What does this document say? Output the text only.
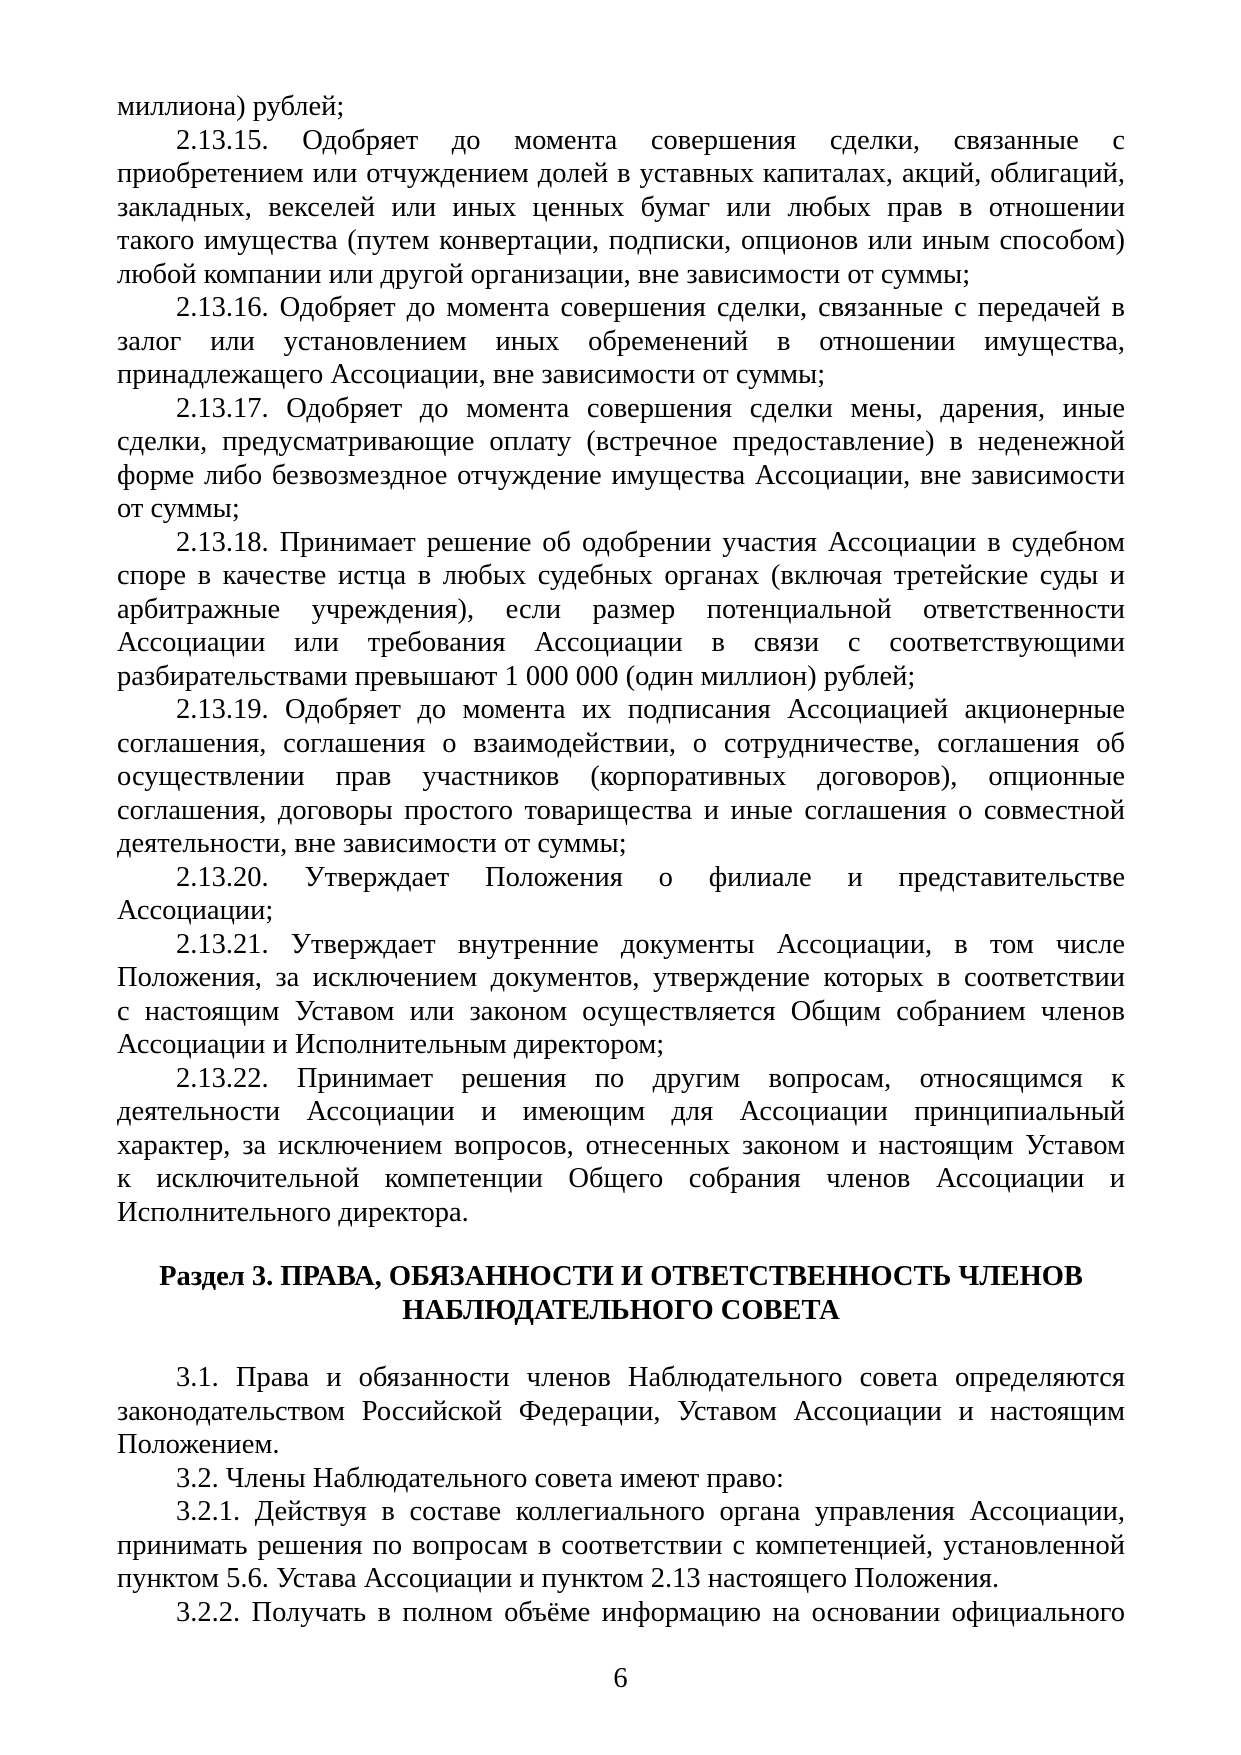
миллиона) рублей;
2.13.15. Одобряет до момента совершения сделки, связанные с
приобретением или отчуждением долей в уставных капиталах, акций, облигаций,
закладных, векселей или иных ценных бумаг или любых прав в отношении
такого имущества (путем конвертации, подписки, опционов или иным способом)
любой компании или другой организации, вне зависимости от суммы;
2.13.16. Одобряет до момента совершения сделки, связанные с передачей в
залог или установлением иных обременений в отношении имущества,
принадлежащего Ассоциации, вне зависимости от суммы;
2.13.17. Одобряет до момента совершения сделки мены, дарения, иные
сделки, предусматривающие оплату (встречное предоставление) в неденежной
форме либо безвозмездное отчуждение имущества Ассоциации, вне зависимости
от суммы;
2.13.18. Принимает решение об одобрении участия Ассоциации в судебном
споре в качестве истца в любых судебных органах (включая третейские суды и
арбитражные учреждения), если размер потенциальной ответственности
Ассоциации или требования Ассоциации в связи с соответствующими
разбирательствами превышают 1 000 000 (один миллион) рублей;
2.13.19. Одобряет до момента их подписания Ассоциацией акционерные
соглашения, соглашения о взаимодействии, о сотрудничестве, соглашения об
осуществлении прав участников (корпоративных договоров), опционные
соглашения, договоры простого товарищества и иные соглашения о совместной
деятельности, вне зависимости от суммы;
2.13.20. Утверждает Положения о филиале и представительстве
Ассоциации;
2.13.21. Утверждает внутренние документы Ассоциации, в том числе
Положения, за исключением документов, утверждение которых в соответствии
с настоящим Уставом или законом осуществляется Общим собранием членов
Ассоциации и Исполнительным директором;
2.13.22. Принимает решения по другим вопросам, относящимся к
деятельности Ассоциации и имеющим для Ассоциации принципиальный
характер, за исключением вопросов, отнесенных законом и настоящим Уставом
к исключительной компетенции Общего собрания членов Ассоциации и
Исполнительного директора.
Раздел 3. ПРАВА, ОБЯЗАННОСТИ И ОТВЕТСТВЕННОСТЬ ЧЛЕНОВ
НАБЛЮДАТЕЛЬНОГО СОВЕТА
3.1. Права и обязанности членов Наблюдательного совета определяются
законодательством Российской Федерации, Уставом Ассоциации и настоящим
Положением.
3.2. Члены Наблюдательного совета имеют право:
3.2.1. Действуя в составе коллегиального органа управления Ассоциации,
принимать решения по вопросам в соответствии с компетенцией, установленной
пунктом 5.6. Устава Ассоциации и пунктом 2.13 настоящего Положения.
3.2.2. Получать в полном объёме информацию на основании официального
6
